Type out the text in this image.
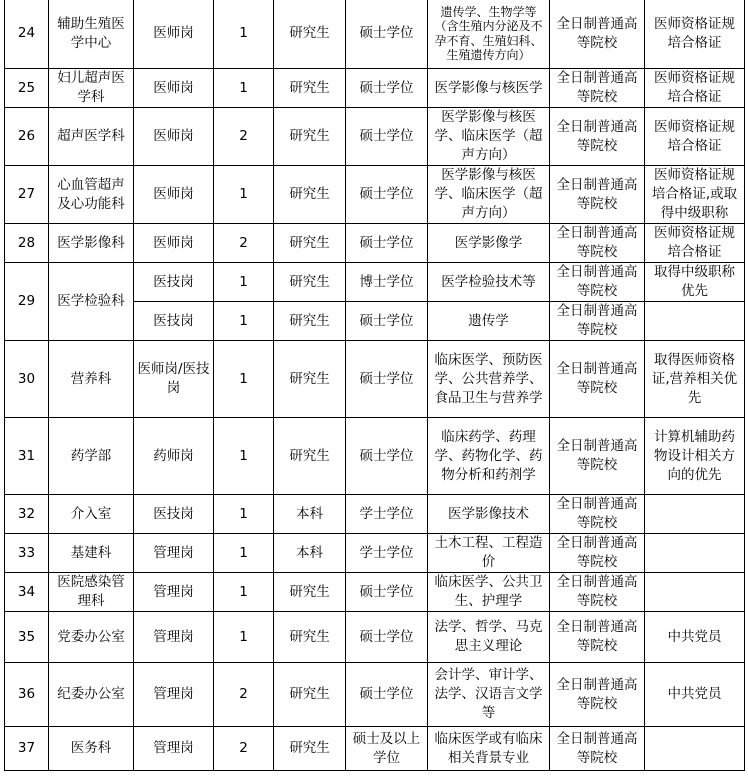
24	辅助生殖医学中心	医师岗	1	研究生	硕士学位	遗传学、生物学等（含生殖内分泌及不孕不育、生殖妇科、生殖遗传方向）	全日制普通高等院校	医师资格证规培合格证
25	妇儿超声医学科	医师岗	1	研究生	硕士学位	医学影像与核医学	全日制普通高等院校	医师资格证规培合格证
26	超声医学科	医师岗	2	研究生	硕士学位	医学影像与核医学、临床医学（超声方向）	全日制普通高等院校	医师资格证规培合格证
27	心血管超声及心功能科	医师岗	1	研究生	硕士学位	医学影像与核医学、临床医学（超声方向）	全日制普通高等院校	医师资格证规培合格证,或取得中级职称
28	医学影像科	医师岗	2	研究生	硕士学位	医学影像学	全日制普通高等院校	医师资格证规培合格证
29	医学检验科	医技岗	1	研究生	博士学位	医学检验技术等	全日制普通高等院校	取得中级职称优先
		医技岗	1	研究生	硕士学位	遗传学	全日制普通高等院校	
30	营养科	医师岗/医技岗	1	研究生	硕士学位	临床医学、预防医学、公共营养学、食品卫生与营养学	全日制普通高等院校	取得医师资格证,营养相关优先
31	药学部	药师岗	1	研究生	硕士学位	临床药学、药理学、药物化学、药物分析和药剂学	全日制普通高等院校	计算机辅助药物设计相关方向的优先
32	介入室	医技岗	1	本科	学士学位	医学影像技术	全日制普通高等院校	
33	基建科	管理岗	1	本科	学士学位	土木工程、工程造价	全日制普通高等院校	
34	医院感染管理科	管理岗	1	研究生	硕士学位	临床医学、公共卫生、护理学	全日制普通高等院校	
35	党委办公室	管理岗	1	研究生	硕士学位	法学、哲学、马克思主义理论	全日制普通高等院校	中共党员
36	纪委办公室	管理岗	2	研究生	硕士学位	会计学、审计学、法学、汉语言文学等	全日制普通高等院校	中共党员
37	医务科	管理岗	2	研究生	硕士及以上学位	临床医学或有临床相关背景专业	全日制普通高等院校	
